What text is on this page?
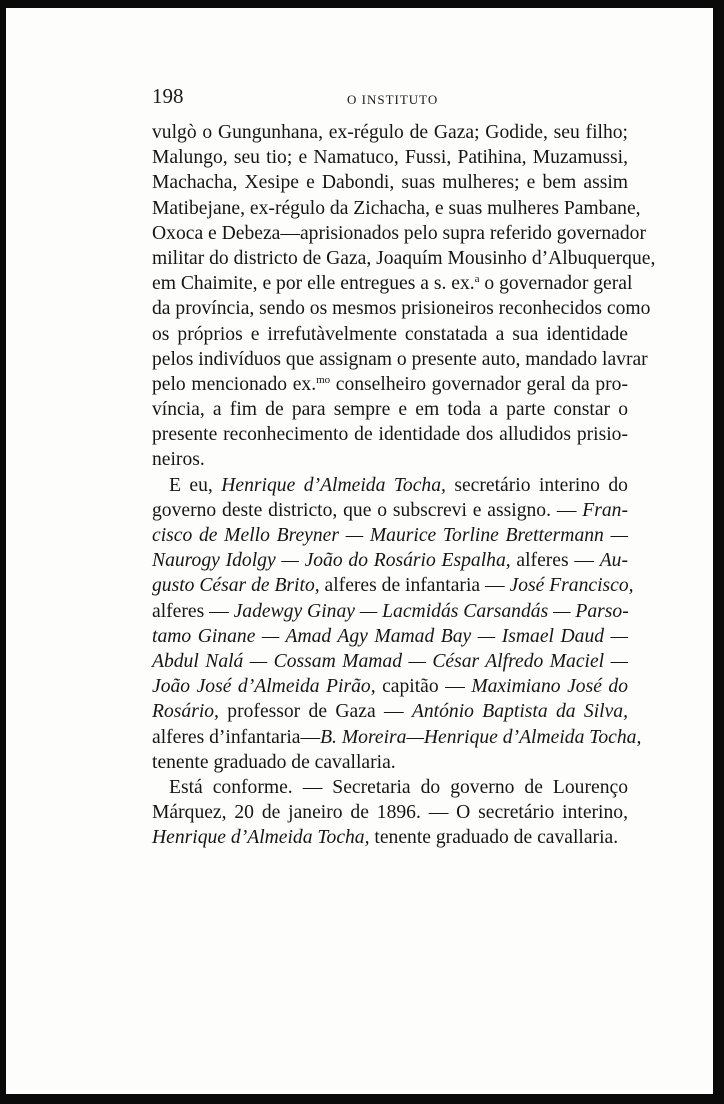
198	O INSTITUTO
vulgò o Gungunhana, ex-régulo de Gaza; Godide, seu filho;
Malungo, seu tio; e Namatuco, Fussi, Patihina, Muzamussi,
Machacha, Xesipe e Dabondi, suas mulheres; e bem assim
Matibejane, ex-régulo da Zichacha, e suas mulheres Pambane,
Oxoca e Debeza—aprisionados pelo supra referido governador
militar do districto de Gaza, Joaquím Mousinho d’Albuquerque,
em Chaimite, e por elle entregues a s. ex.$^a$ o governador geral
da província, sendo os mesmos prisioneiros reconhecidos como
os próprios e irrefutàvelmente constatada a sua identidade
pelos indivíduos que assignam o presente auto, mandado lavrar
pelo mencionado ex.$^{mo}$ conselheiro governador geral da pro-
víncia, a fim de para sempre e em toda a parte constar o
presente reconhecimento de identidade dos alludidos prisio-
neiros.
E eu, Henrique d’Almeida Tocha, secretário interino do
governo deste districto, que o subscrevi e assigno. — Fran-
cisco de Mello Breyner — Maurice Torline Brettermann —
Naurogy Idolgy — João do Rosário Espalha, alferes — Au-
gusto César de Brito, alferes de infantaria — José Francisco,
alferes — Jadewgy Ginay — Lacmidás Carsandás — Parso-
tamo Ginane — Amad Agy Mamad Bay — Ismael Daud —
Abdul Nalá — Cossam Mamad — César Alfredo Maciel —
João José d’Almeida Pirão, capitão — Maximiano José do
Rosário, professor de Gaza — António Baptista da Silva,
alferes d’infantaria—B. Moreira—Henrique d’Almeida Tocha,
tenente graduado de cavallaria.
Está conforme. — Secretaria do governo de Lourenço
Márquez, 20 de janeiro de 1896. — O secretário interino,
Henrique d’Almeida Tocha, tenente graduado de cavallaria.
